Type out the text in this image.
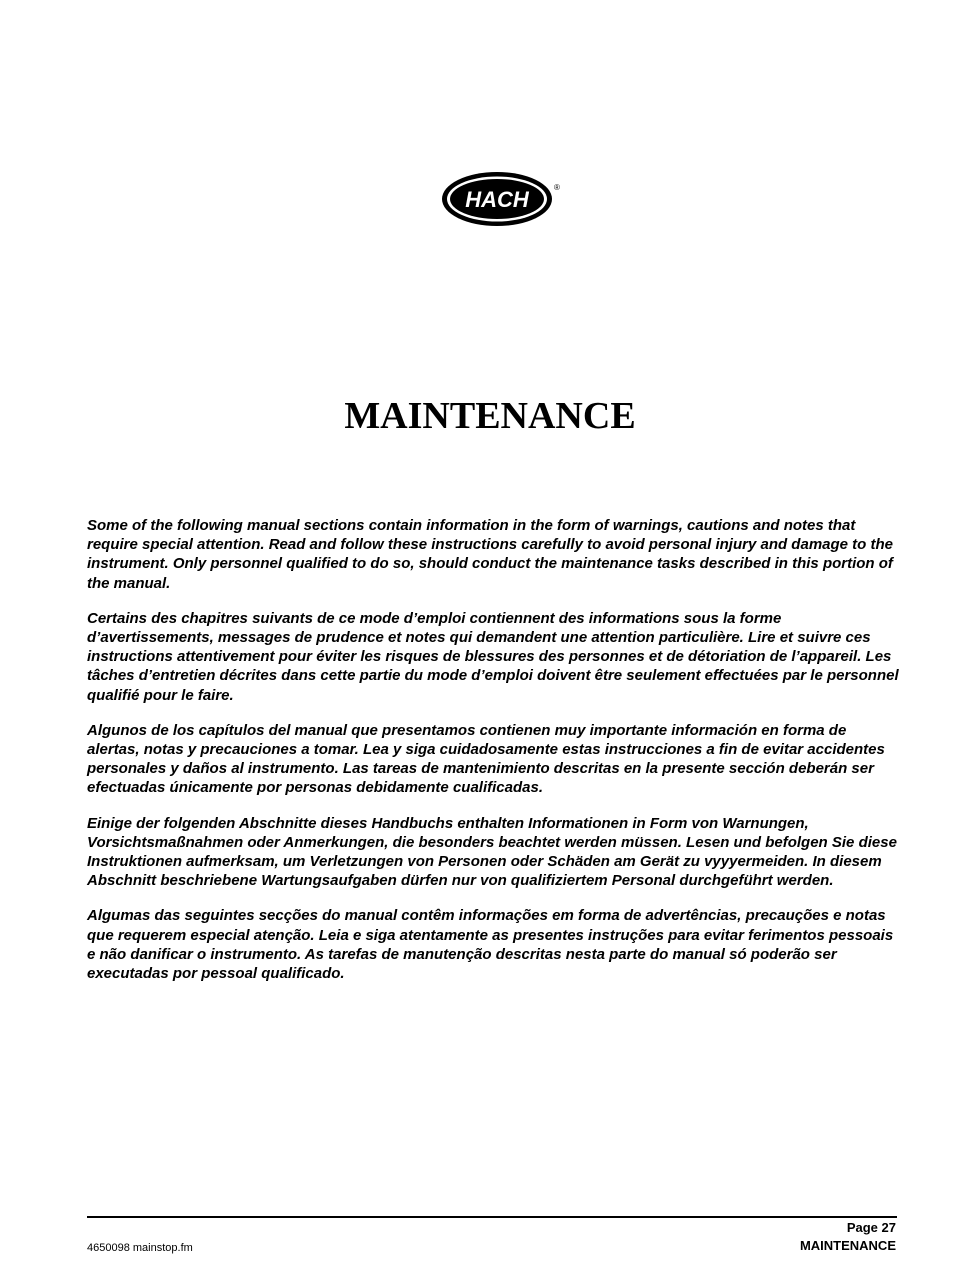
HACH	®
MAINTENANCE

Some of the following manual sections contain information in the form of warnings, cautions and notes that require special attention. Read and follow these instructions carefully to avoid personal injury and damage to the instrument. Only personnel qualified to do so, should conduct the maintenance tasks described in this portion of the manual.

Certains des chapitres suivants de ce mode d’emploi contiennent des informations sous la forme d’avertissements, messages de prudence et notes qui demandent une attention particulière. Lire et suivre ces instructions attentivement pour éviter les risques de blessures des personnes et de détoriation de l’appareil. Les tâches d’entretien décrites dans cette partie du mode d’emploi doivent être seulement effectuées par le personnel qualifié pour le faire.

Algunos de los capítulos del manual que presentamos contienen muy importante información en forma de alertas, notas y precauciones a tomar. Lea y siga cuidadosamente estas instrucciones a fin de evitar accidentes personales y daños al instrumento. Las tareas de mantenimiento descritas en la presente sección deberán ser efectuadas únicamente por personas debidamente cualificadas.

Einige der folgenden Abschnitte dieses Handbuchs enthalten Informationen in Form von Warnungen, Vorsichtsmaßnahmen oder Anmerkungen, die besonders beachtet werden müssen. Lesen und befolgen Sie diese Instruktionen aufmerksam, um Verletzungen von Personen oder Schäden am Gerät zu vyyyermeiden. In diesem Abschnitt beschriebene Wartungsaufgaben dürfen nur von qualifiziertem Personal durchgeführt werden.

Algumas das seguintes secções do manual contêm informações em forma de advertências, precauções e notas que requerem especial atenção. Leia e siga atentamente as presentes instruções para evitar ferimentos pessoais e não danificar o instrumento. As tarefas de manutenção descritas nesta parte do manual só poderão ser executadas por pessoal qualificado.

Page 27
MAINTENANCE
4650098 mainstop.fm
